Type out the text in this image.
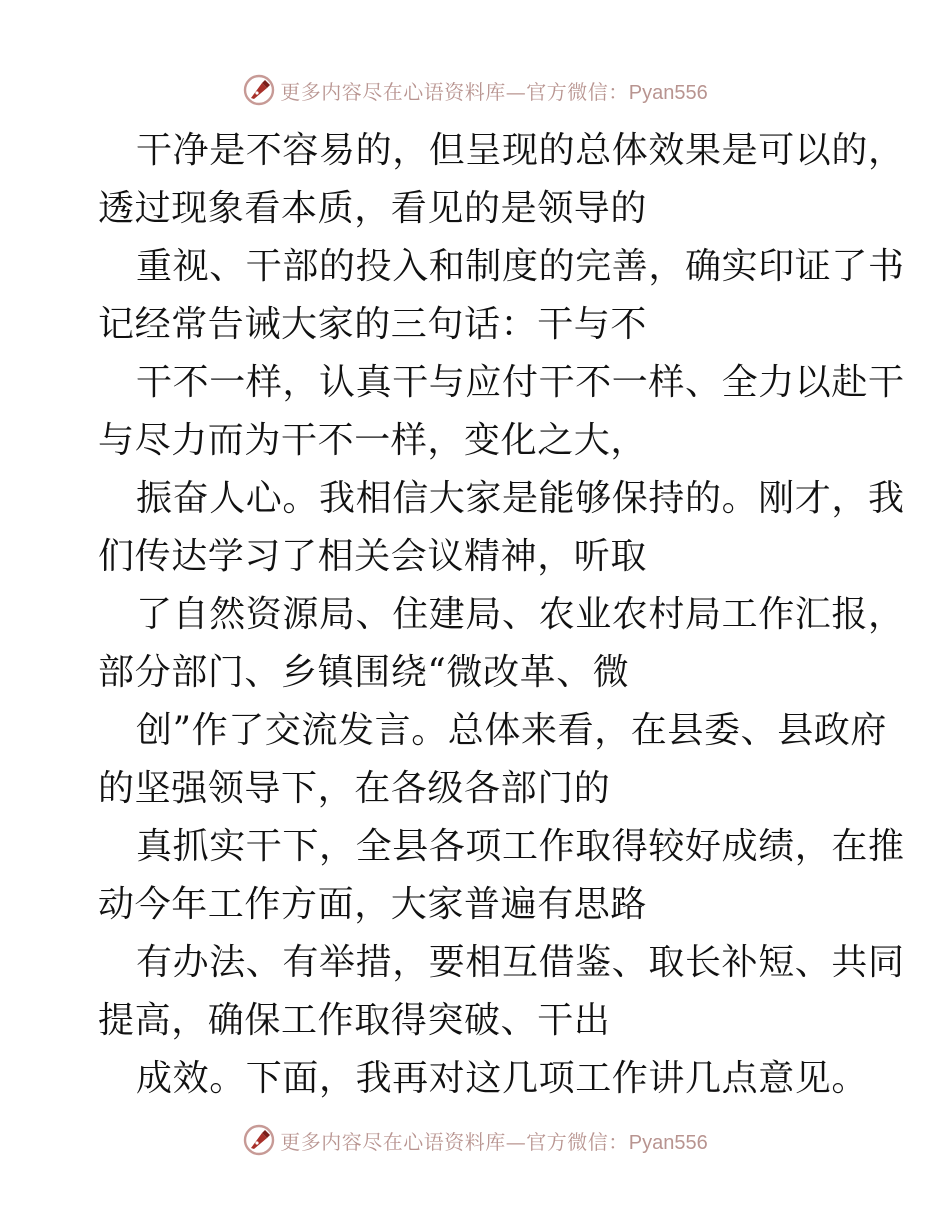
更多内容尽在心语资料库—官方微信：Pyan556
干净是不容易的，但呈现的总体效果是可以的，
透过现象看本质，看见的是领导的
重视、干部的投入和制度的完善，确实印证了书
记经常告诫大家的三句话：干与不
干不一样，认真干与应付干不一样、全力以赴干
与尽力而为干不一样，变化之大，
振奋人心。我相信大家是能够保持的。刚才，我
们传达学习了相关会议精神，听取
了自然资源局、住建局、农业农村局工作汇报，
部分部门、乡镇围绕“微改革、微
创”作了交流发言。总体来看，在县委、县政府
的坚强领导下，在各级各部门的
真抓实干下，全县各项工作取得较好成绩，在推
动今年工作方面，大家普遍有思路
有办法、有举措，要相互借鉴、取长补短、共同
提高，确保工作取得突破、干出
成效。下面，我再对这几项工作讲几点意见。
更多内容尽在心语资料库—官方微信：Pyan556
